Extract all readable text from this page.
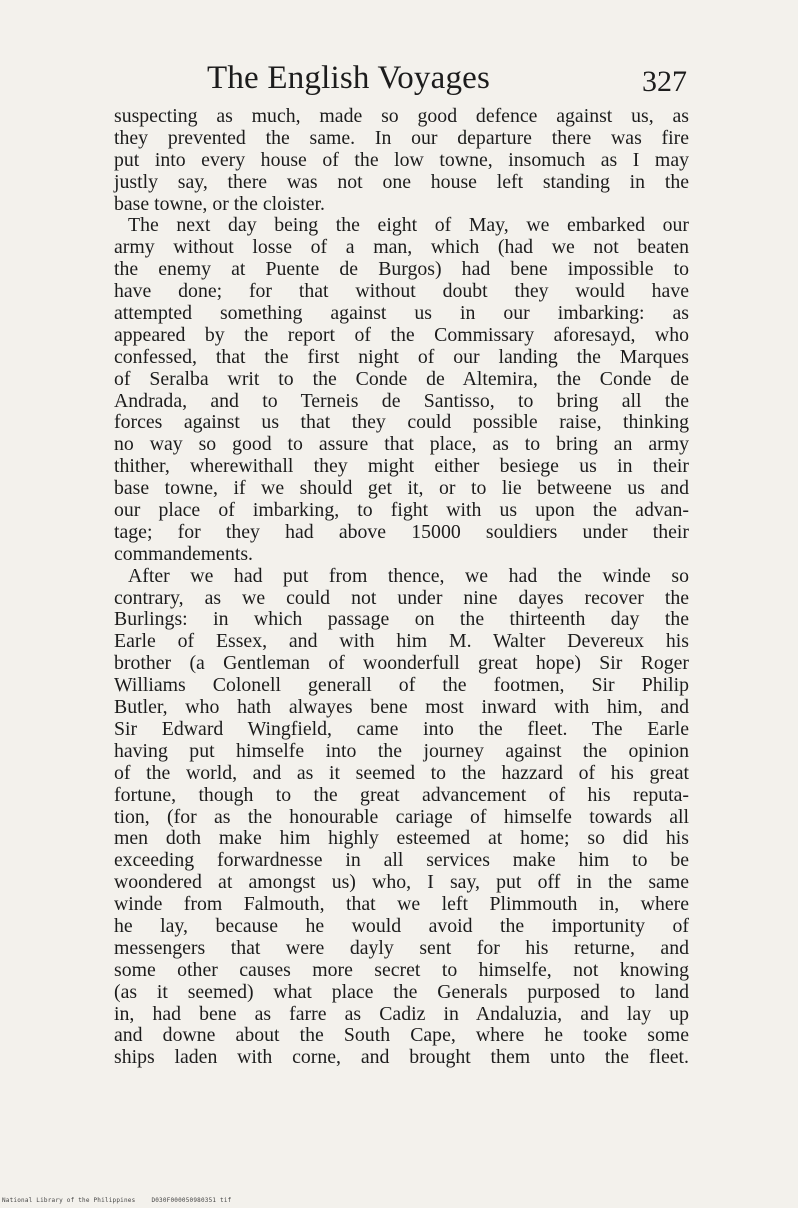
The English Voyages	327
suspecting as much, made so good defence against us, as
they prevented the same. In our departure there was fire
put into every house of the low towne, insomuch as I may
justly say, there was not one house left standing in the
base towne, or the cloister.
The next day being the eight of May, we embarked our
army without losse of a man, which (had we not beaten
the enemy at Puente de Burgos) had bene impossible to
have done; for that without doubt they would have
attempted something against us in our imbarking: as
appeared by the report of the Commissary aforesayd, who
confessed, that the first night of our landing the Marques
of Seralba writ to the Conde de Altemira, the Conde de
Andrada, and to Terneis de Santisso, to bring all the
forces against us that they could possible raise, thinking
no way so good to assure that place, as to bring an army
thither, wherewithall they might either besiege us in their
base towne, if we should get it, or to lie betweene us and
our place of imbarking, to fight with us upon the advan-
tage; for they had above 15000 souldiers under their
commandements.
After we had put from thence, we had the winde so
contrary, as we could not under nine dayes recover the
Burlings: in which passage on the thirteenth day the
Earle of Essex, and with him M. Walter Devereux his
brother (a Gentleman of woonderfull great hope) Sir Roger
Williams Colonell generall of the footmen, Sir Philip
Butler, who hath alwayes bene most inward with him, and
Sir Edward Wingfield, came into the fleet. The Earle
having put himselfe into the journey against the opinion
of the world, and as it seemed to the hazzard of his great
fortune, though to the great advancement of his reputa-
tion, (for as the honourable cariage of himselfe towards all
men doth make him highly esteemed at home; so did his
exceeding forwardnesse in all services make him to be
woondered at amongst us) who, I say, put off in the same
winde from Falmouth, that we left Plimmouth in, where
he lay, because he would avoid the importunity of
messengers that were dayly sent for his returne, and
some other causes more secret to himselfe, not knowing
(as it seemed) what place the Generals purposed to land
in, had bene as farre as Cadiz in Andaluzia, and lay up
and downe about the South Cape, where he tooke some
ships laden with corne, and brought them unto the fleet.
National Library of the Philippines	D030F000050980351 tif
